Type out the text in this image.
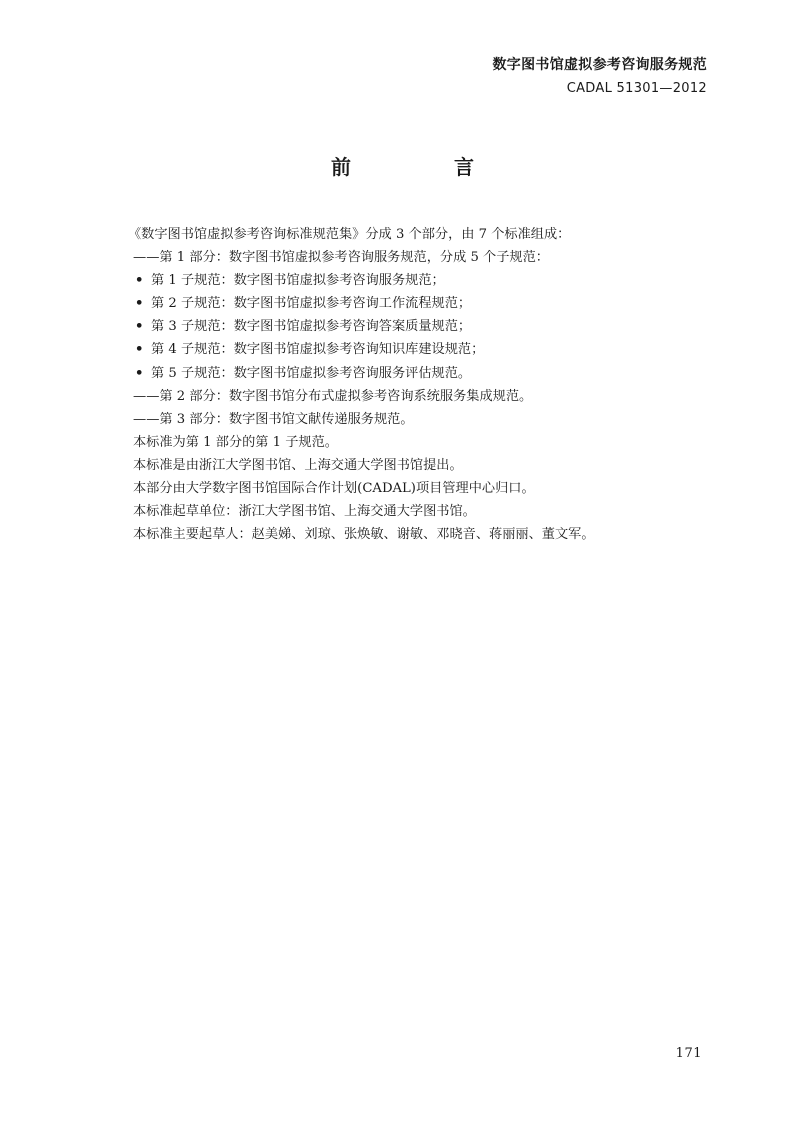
数字图书馆虚拟参考咨询服务规范
CADAL 51301—2012
前 言

《数字图书馆虚拟参考咨询标准规范集》分成 3 个部分，由 7 个标准组成：

——第 1 部分：数字图书馆虚拟参考咨询服务规范，分成 5 个子规范：

• 第 1 子规范：数字图书馆虚拟参考咨询服务规范；

• 第 2 子规范：数字图书馆虚拟参考咨询工作流程规范；

• 第 3 子规范：数字图书馆虚拟参考咨询答案质量规范；

• 第 4 子规范：数字图书馆虚拟参考咨询知识库建设规范；

• 第 5 子规范：数字图书馆虚拟参考咨询服务评估规范。

——第 2 部分：数字图书馆分布式虚拟参考咨询系统服务集成规范。

——第 3 部分：数字图书馆文献传递服务规范。

本标准为第 1 部分的第 1 子规范。

本标准是由浙江大学图书馆、上海交通大学图书馆提出。

本部分由大学数字图书馆国际合作计划(CADAL)项目管理中心归口。

本标准起草单位：浙江大学图书馆、上海交通大学图书馆。

本标准主要起草人：赵美娣、刘琼、张焕敏、谢敏、邓晓音、蒋丽丽、董文军。

171
